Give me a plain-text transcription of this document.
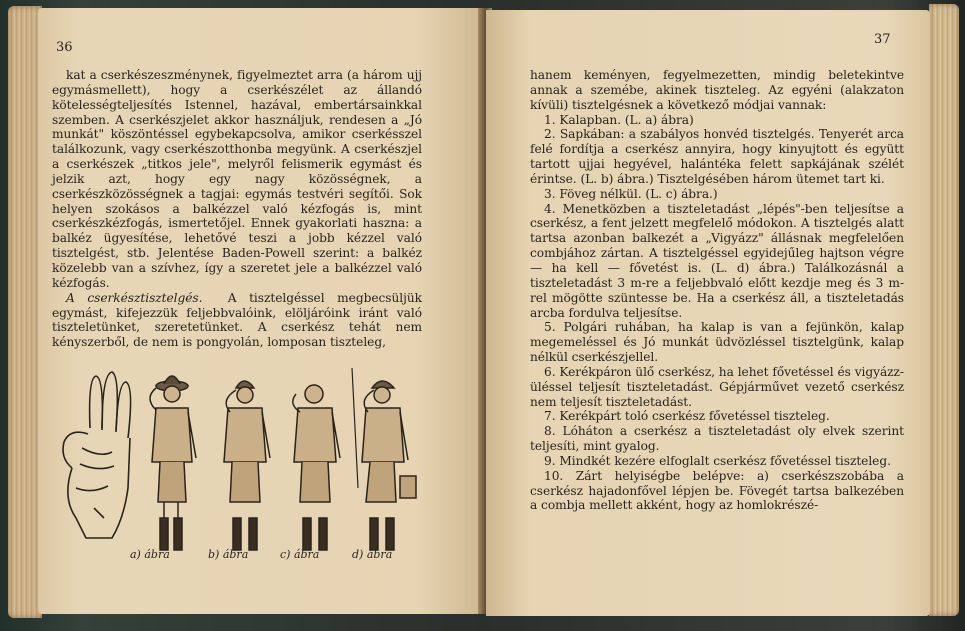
36

kat a cserkészeszménynek, figyelmeztet arra (a három ujj egymásmellett), hogy a cserkészélet az állandó kötelességteljesítés Istennel, hazával, embertársainkkal szemben. A cserkészjelet akkor használjuk, rendesen a „Jó munkát" köszöntéssel egybekapcsolva, amikor cserkésszel találkozunk, vagy cserkészotthonba megyünk. A cserkészjel a cserkészek „titkos jele", melyről felismerik egymást és jelzik azt, hogy egy nagy közösségnek, a cserkészközösségnek a tagjai: egymás testvéri segítői. Sok helyen szokásos a balkézzel való kézfogás is, mint cserkészkézfogás, ismertetőjel. Ennek gyakorlati haszna: a balkéz ügyesítése, lehetővé teszi a jobb kézzel való tisztelgést, stb. Jelentése Baden-Powell szerint: a balkéz közelebb van a szívhez, így a szeretet jele a balkézzel való kézfogás.

A cserkésztisztelgés. A tisztelgéssel megbecsüljük egymást, kifejezzük feljebbvalóink, elöljáróink iránt való tiszteletünket, szeretetünket. A cserkész tehát nem kényszerből, de nem is pongyolán, lomposan tiszteleg,

a) ábra	b) ábra	c) ábra	d) ábra
37

hanem keményen, fegyelmezetten, mindig beletekintve annak a szemébe, akinek tiszteleg. Az egyéni (alakzaton kívüli) tisztelgésnek a következő módjai vannak:

1. Kalapban. (L. a) ábra)

2. Sapkában: a szabályos honvéd tisztelgés. Tenyerét arca felé fordítja a cserkész annyira, hogy kinyujtott és együtt tartott ujjai hegyével, halántéka felett sapkájának szélét érintse. (L. b) ábra.) Tisztelgésében három ütemet tart ki.

3. Föveg nélkül. (L. c) ábra.)

4. Menetközben a tiszteletadást „lépés"-ben teljesítse a cserkész, a fent jelzett megfelelő módokon. A tisztelgés alatt tartsa azonban balkezét a „Vigyázz" állásnak megfelelően combjához zártan. A tisztelgéssel egyidejűleg hajtson végre — ha kell — fővetést is. (L. d) ábra.) Találkozásnál a tiszteletadást 3 m-re a feljebbvaló előtt kezdje meg és 3 m-rel mögötte szüntesse be. Ha a cserkész áll, a tiszteletadás arcba fordulva teljesítse.

5. Polgári ruhában, ha kalap is van a fejünkön, kalap megemeléssel és Jó munkát üdvözléssel tisztelgünk, kalap nélkül cserkészjellel.

6. Kerékpáron ülő cserkész, ha lehet fővetéssel és vigyázz-üléssel teljesít tiszteletadást. Gépjárművet vezető cserkész nem teljesít tiszteletadást.

7. Kerékpárt toló cserkész fővetéssel tiszteleg.

8. Lóháton a cserkész a tiszteletadást oly elvek szerint teljesíti, mint gyalog.

9. Mindkét kezére elfoglalt cserkész fővetéssel tiszteleg.

10. Zárt helyiségbe belépve: a) cserkészszobába a cserkész hajadonfővel lépjen be. Fövegét tartsa balkezében a combja mellett akként, hogy az homlokrészé-
